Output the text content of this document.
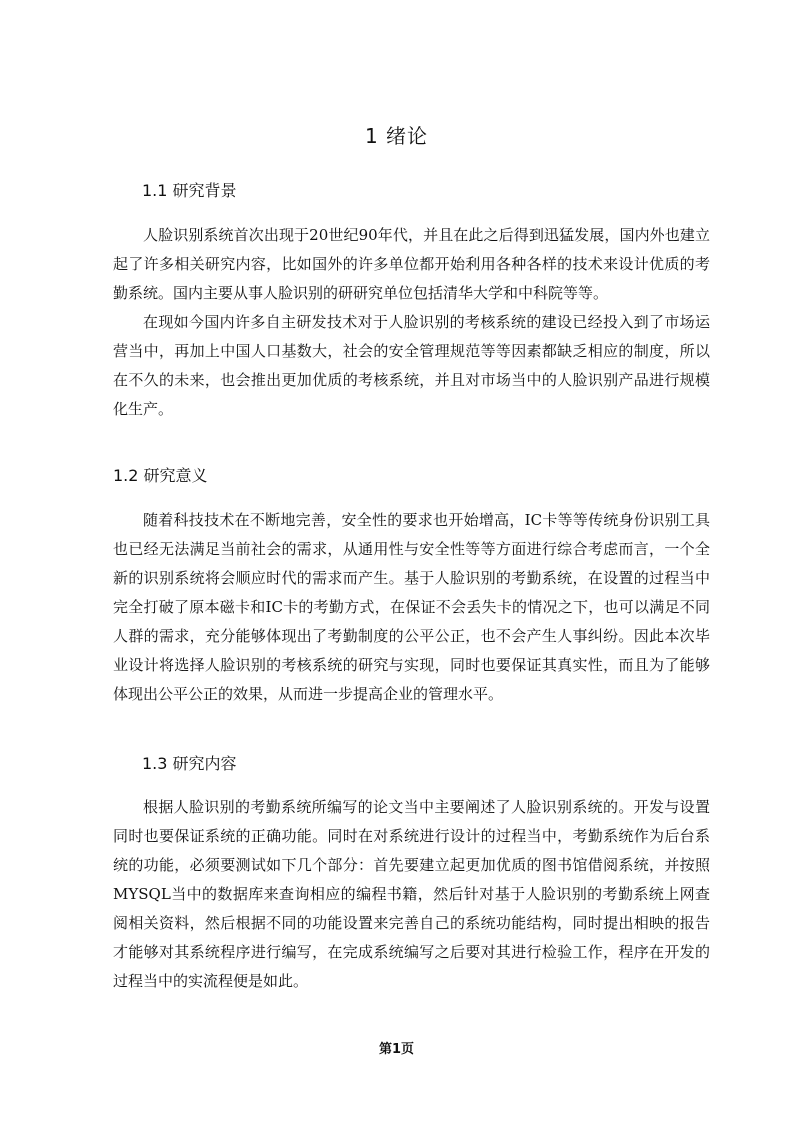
1 绪论
1.1 研究背景

人脸识别系统首次出现于20世纪90年代，并且在此之后得到迅猛发展，国内外也建立起了许多相关研究内容，比如国外的许多单位都开始利用各种各样的技术来设计优质的考勤系统。国内主要从事人脸识别的研研究单位包括清华大学和中科院等等。

在现如今国内许多自主研发技术对于人脸识别的考核系统的建设已经投入到了市场运营当中，再加上中国人口基数大，社会的安全管理规范等等因素都缺乏相应的制度，所以在不久的未来，也会推出更加优质的考核系统，并且对市场当中的人脸识别产品进行规模化生产。

1.2 研究意义

随着科技技术在不断地完善，安全性的要求也开始增高，IC卡等等传统身份识别工具也已经无法满足当前社会的需求，从通用性与安全性等等方面进行综合考虑而言，一个全新的识别系统将会顺应时代的需求而产生。基于人脸识别的考勤系统，在设置的过程当中完全打破了原本磁卡和IC卡的考勤方式，在保证不会丢失卡的情况之下，也可以满足不同人群的需求，充分能够体现出了考勤制度的公平公正，也不会产生人事纠纷。因此本次毕业设计将选择人脸识别的考核系统的研究与实现，同时也要保证其真实性，而且为了能够体现出公平公正的效果，从而进一步提高企业的管理水平。

1.3 研究内容

根据人脸识别的考勤系统所编写的论文当中主要阐述了人脸识别系统的。开发与设置同时也要保证系统的正确功能。同时在对系统进行设计的过程当中，考勤系统作为后台系统的功能，必须要测试如下几个部分：首先要建立起更加优质的图书馆借阅系统，并按照MYSQL当中的数据库来查询相应的编程书籍，然后针对基于人脸识别的考勤系统上网查阅相关资料，然后根据不同的功能设置来完善自己的系统功能结构，同时提出相映的报告才能够对其系统程序进行编写，在完成系统编写之后要对其进行检验工作，程序在开发的过程当中的实流程便是如此。

第1页
